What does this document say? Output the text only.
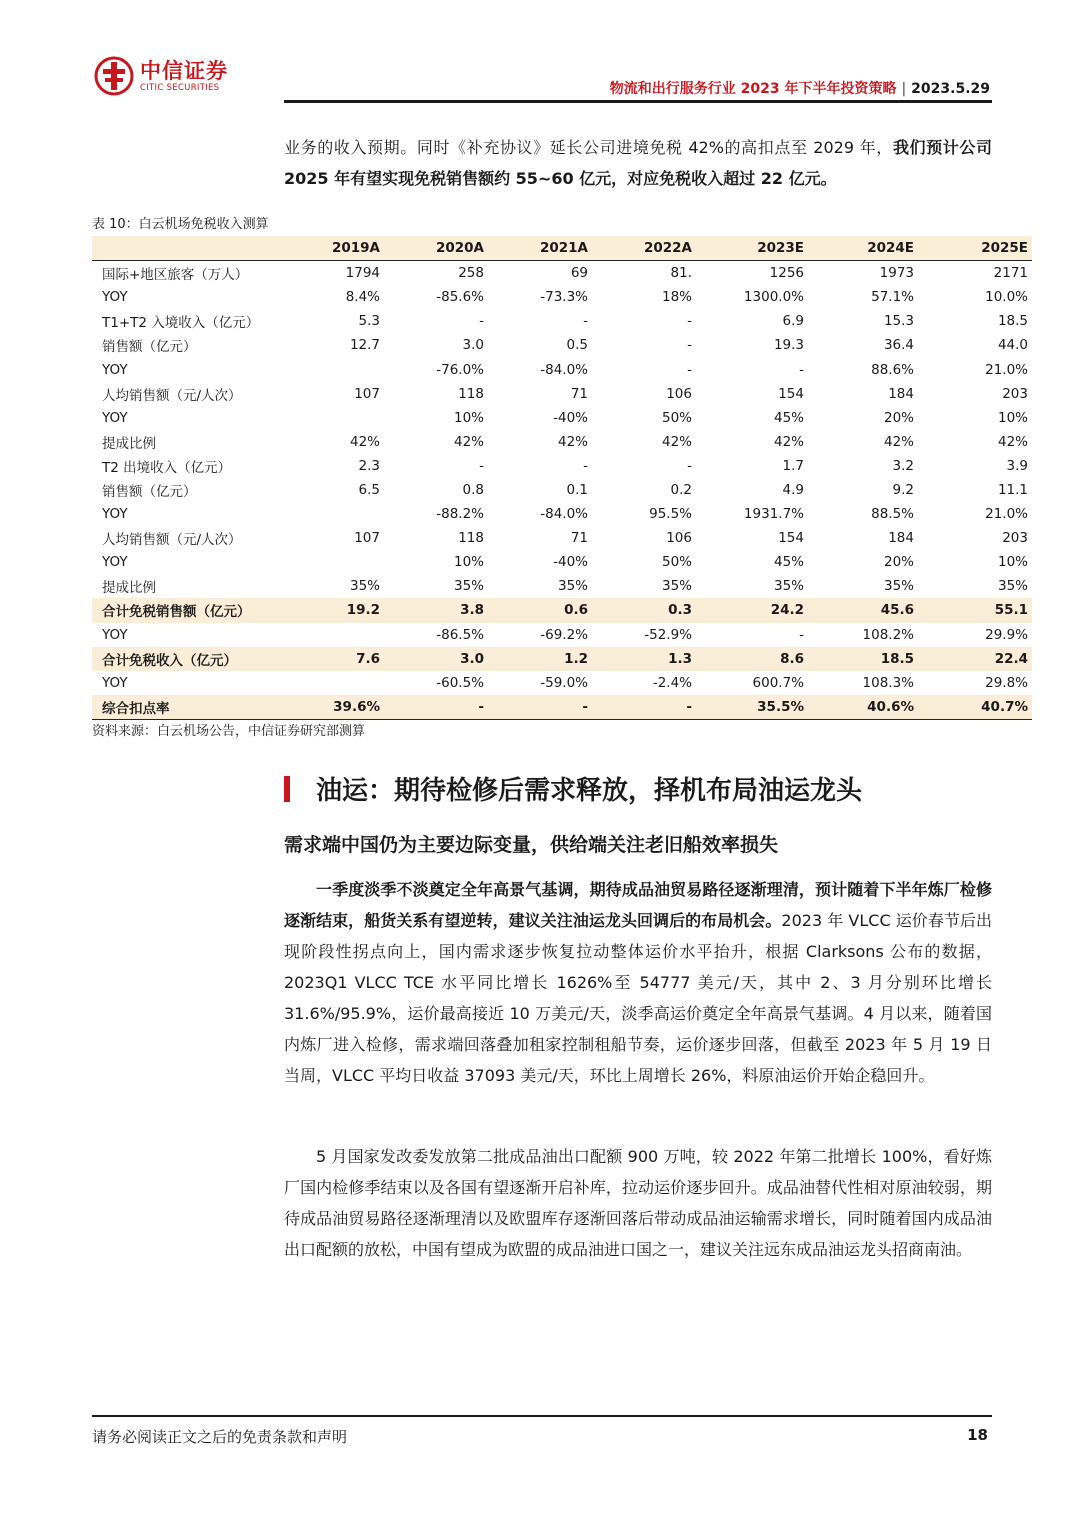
中信证券
CITIC SECURITIES	物流和出行服务行业 2023 年下半年投资策略 | 2023.5.29
业务的收入预期。同时《补充协议》延长公司进境免税 42%的高扣点至 2029 年，我们预计公司 2025 年有望实现免税销售额约 55~60 亿元，对应免税收入超过 22 亿元。
表 10：白云机场免税收入测算
	2019A	2020A	2021A	2022A	2023E	2024E	2025E
国际+地区旅客（万人）	1794	258	69	81.	1256	1973	2171
YOY	8.4%	-85.6%	-73.3%	18%	1300.0%	57.1%	10.0%
T1+T2 入境收入（亿元）	5.3	-	-	-	6.9	15.3	18.5
销售额（亿元）	12.7	3.0	0.5	-	19.3	36.4	44.0
YOY		-76.0%	-84.0%	-	-	88.6%	21.0%
人均销售额（元/人次）	107	118	71	106	154	184	203
YOY		10%	-40%	50%	45%	20%	10%
提成比例	42%	42%	42%	42%	42%	42%	42%
T2 出境收入（亿元）	2.3	-	-	-	1.7	3.2	3.9
销售额（亿元）	6.5	0.8	0.1	0.2	4.9	9.2	11.1
YOY		-88.2%	-84.0%	95.5%	1931.7%	88.5%	21.0%
人均销售额（元/人次）	107	118	71	106	154	184	203
YOY		10%	-40%	50%	45%	20%	10%
提成比例	35%	35%	35%	35%	35%	35%	35%
合计免税销售额（亿元）	19.2	3.8	0.6	0.3	24.2	45.6	55.1
YOY		-86.5%	-69.2%	-52.9%	-	108.2%	29.9%
合计免税收入（亿元）	7.6	3.0	1.2	1.3	8.6	18.5	22.4
YOY		-60.5%	-59.0%	-2.4%	600.7%	108.3%	29.8%
综合扣点率	39.6%	-	-	-	35.5%	40.6%	40.7%
资料来源：白云机场公告，中信证券研究部测算
油运：期待检修后需求释放，择机布局油运龙头
需求端中国仍为主要边际变量，供给端关注老旧船效率损失
一季度淡季不淡奠定全年高景气基调，期待成品油贸易路径逐渐理清，预计随着下半年炼厂检修逐渐结束，船货关系有望逆转，建议关注油运龙头回调后的布局机会。2023 年 VLCC 运价春节后出现阶段性拐点向上，国内需求逐步恢复拉动整体运价水平抬升，根据 Clarksons 公布的数据，2023Q1 VLCC TCE 水平同比增长 1626%至 54777 美元/天，其中 2、3 月分别环比增长 31.6%/95.9%，运价最高接近 10 万美元/天，淡季高运价奠定全年高景气基调。4 月以来，随着国内炼厂进入检修，需求端回落叠加租家控制租船节奏，运价逐步回落，但截至 2023 年 5 月 19 日当周，VLCC 平均日收益 37093 美元/天，环比上周增长 26%，料原油运价开始企稳回升。
5 月国家发改委发放第二批成品油出口配额 900 万吨，较 2022 年第二批增长 100%，看好炼厂国内检修季结束以及各国有望逐渐开启补库，拉动运价逐步回升。成品油替代性相对原油较弱，期待成品油贸易路径逐渐理清以及欧盟库存逐渐回落后带动成品油运输需求增长，同时随着国内成品油出口配额的放松，中国有望成为欧盟的成品油进口国之一，建议关注远东成品油运龙头招商南油。
请务必阅读正文之后的免责条款和声明	18
